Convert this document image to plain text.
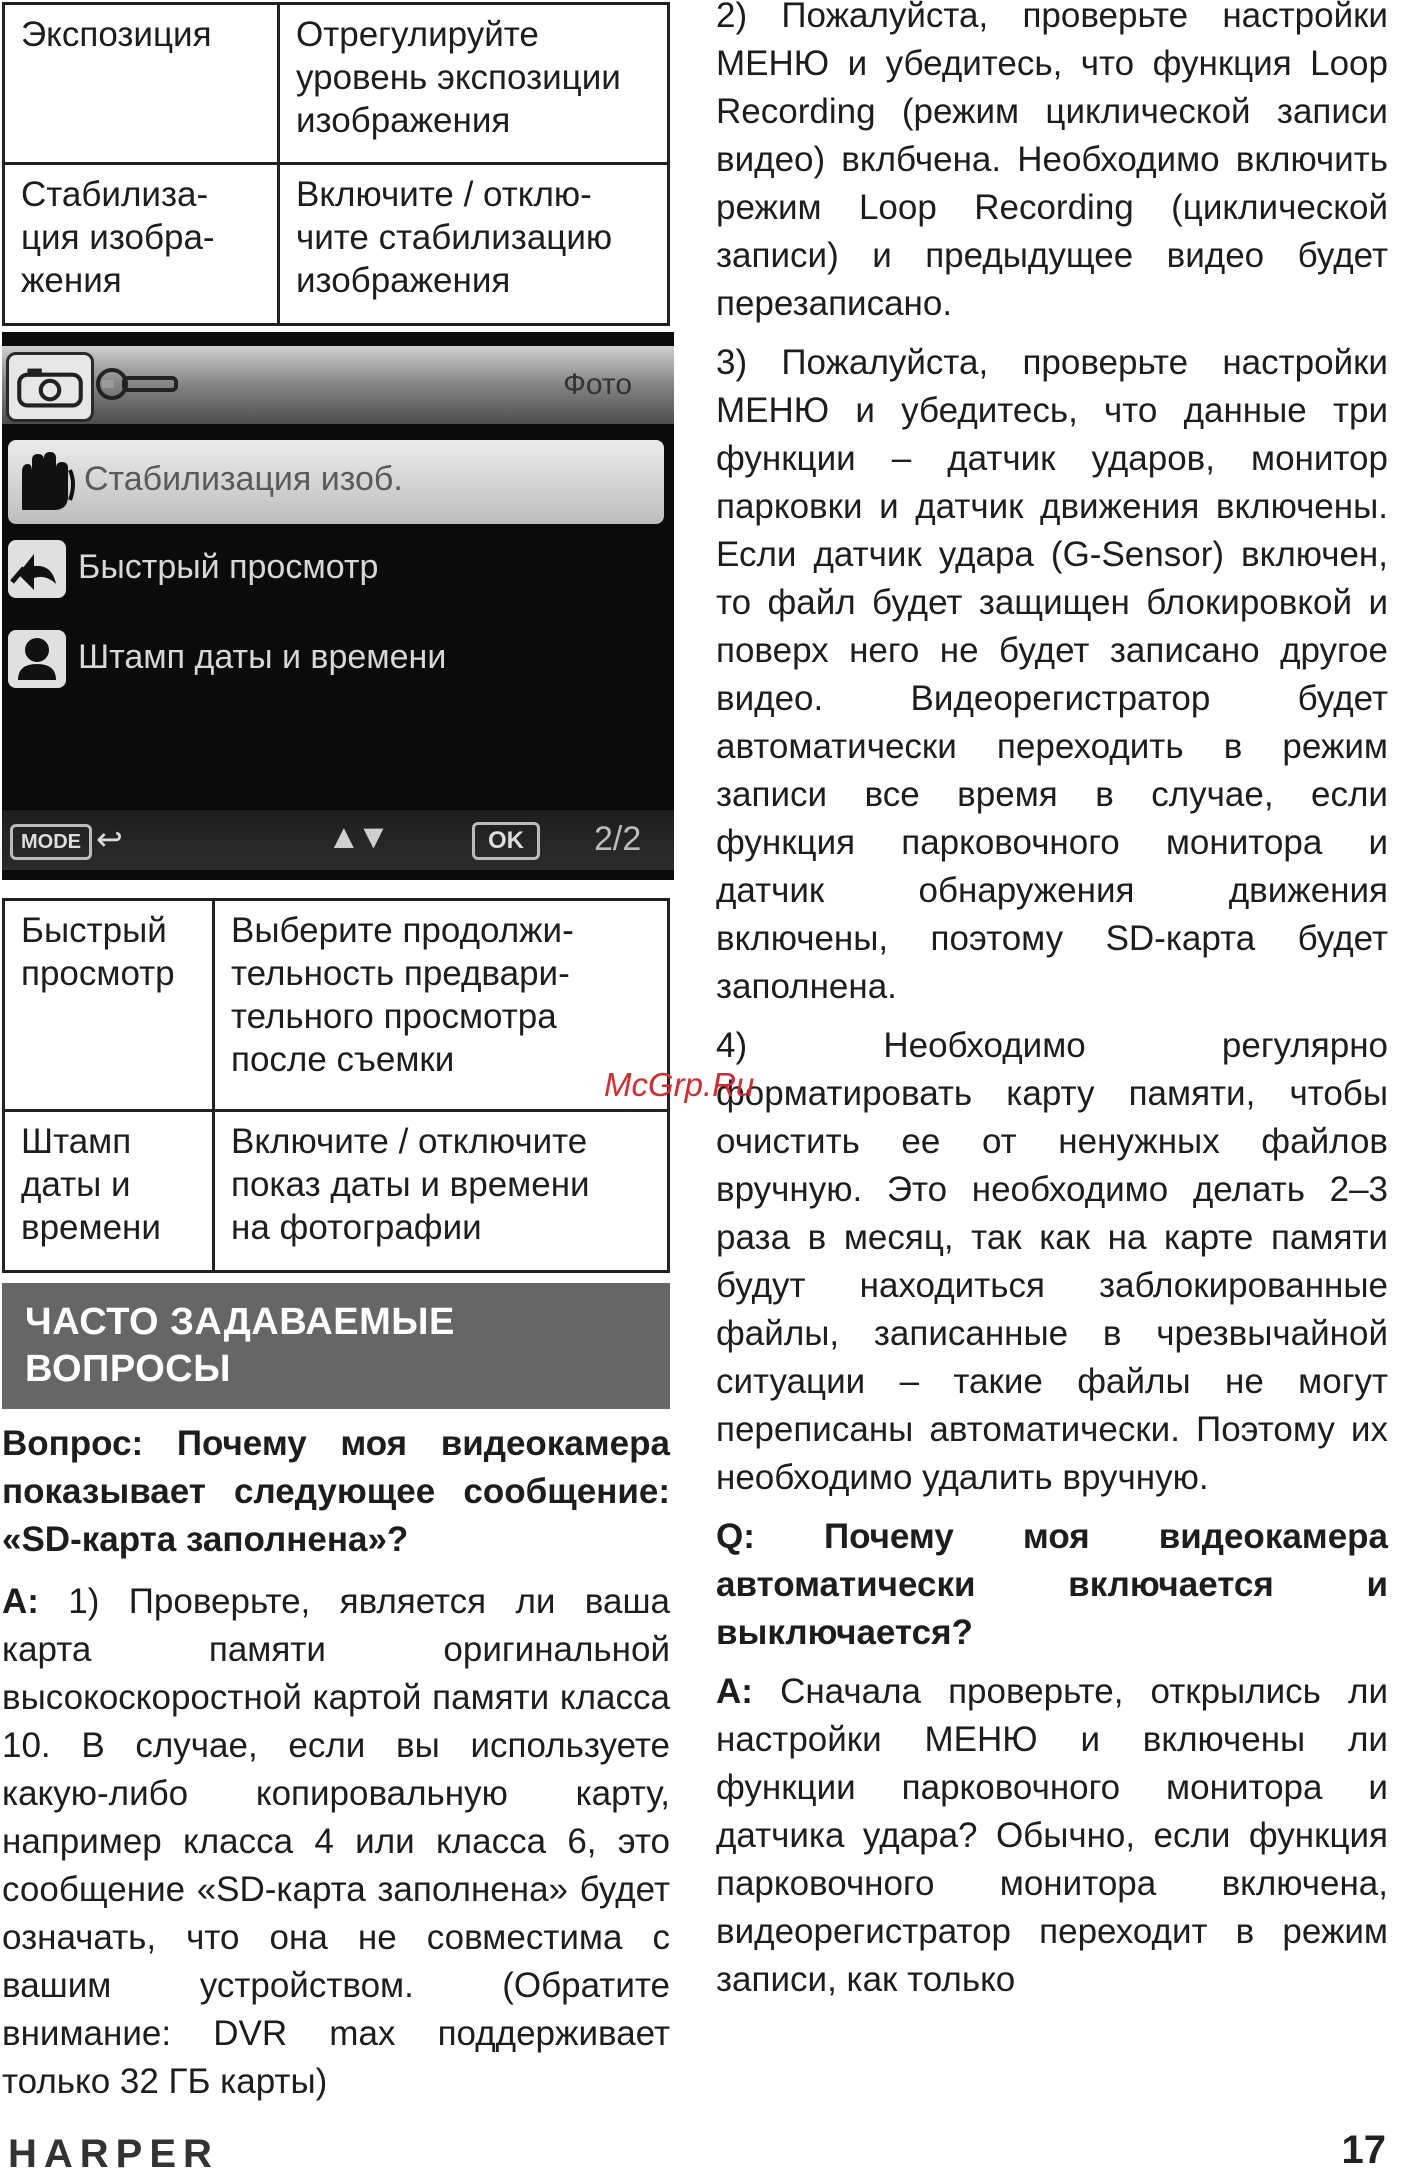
Экспозиция	Отрегулируйте
уровень экспозиции
изображения
Стабилиза-
ция изобра-
жения	Включите / отклю-
чите стабилизацию
изображения
Фото
Стабилизация изоб.
Быстрый просмотр
Штамп даты и времени
MODE ↩	▲▼	OK	2/2
Быстрый
просмотр	Выберите продолжи-
тельность предвари-
тельного просмотра
после съемки
Штамп
даты и
времени	Включите / отключите
показ даты и времени
на фотографии
ЧАСТО ЗАДАВАЕМЫЕ
ВОПРОСЫ

Вопрос: Почему моя видеокамера показывает следующее сообщение: «SD-карта заполнена»?

А: 1) Проверьте, является ли ваша карта памяти оригинальной высокоскоростной картой памяти класса 10. В случае, если вы используете какую-либо копировальную карту, например класса 4 или класса 6, это сообщение «SD-карта заполнена» будет означать, что она не совместима с вашим устройством. (Обратите внимание: DVR max поддерживает только 32 ГБ карты)

2) Пожалуйста, проверьте настройки МЕНЮ и убедитесь, что функция Loop Recording (режим циклической записи видео) вклбчена. Необходимо включить режим Loop Recording (циклической записи) и предыдущее видео будет перезаписано.

3) Пожалуйста, проверьте настройки МЕНЮ и убедитесь, что данные три функции – датчик ударов, монитор парковки и датчик движения включены. Если датчик удара (G-Sensor) включен, то файл будет защищен блокировкой и поверх него не будет записано другое видео. Видеорегистратор будет автоматически переходить в режим записи все время в случае, если функция парковочного монитора и датчик обнаружения движения включены, поэтому SD-карта будет заполнена.

4) Необходимо регулярно форматировать карту памяти, чтобы очистить ее от ненужных файлов вручную. Это необходимо делать 2–3 раза в месяц, так как на карте памяти будут находиться заблокированные файлы, записанные в чрезвычайной ситуации – такие файлы не могут переписаны автоматически. Поэтому их необходимо удалить вручную.

Q: Почему моя видеокамера автоматически включается и выключается?

А: Сначала проверьте, открылись ли настройки МЕНЮ и включены ли функции парковочного монитора и датчика удара? Обычно, если функция парковочного монитора включена, видеорегистратор переходит в режим записи, как только

McGrp.Ru
HARPER	17
